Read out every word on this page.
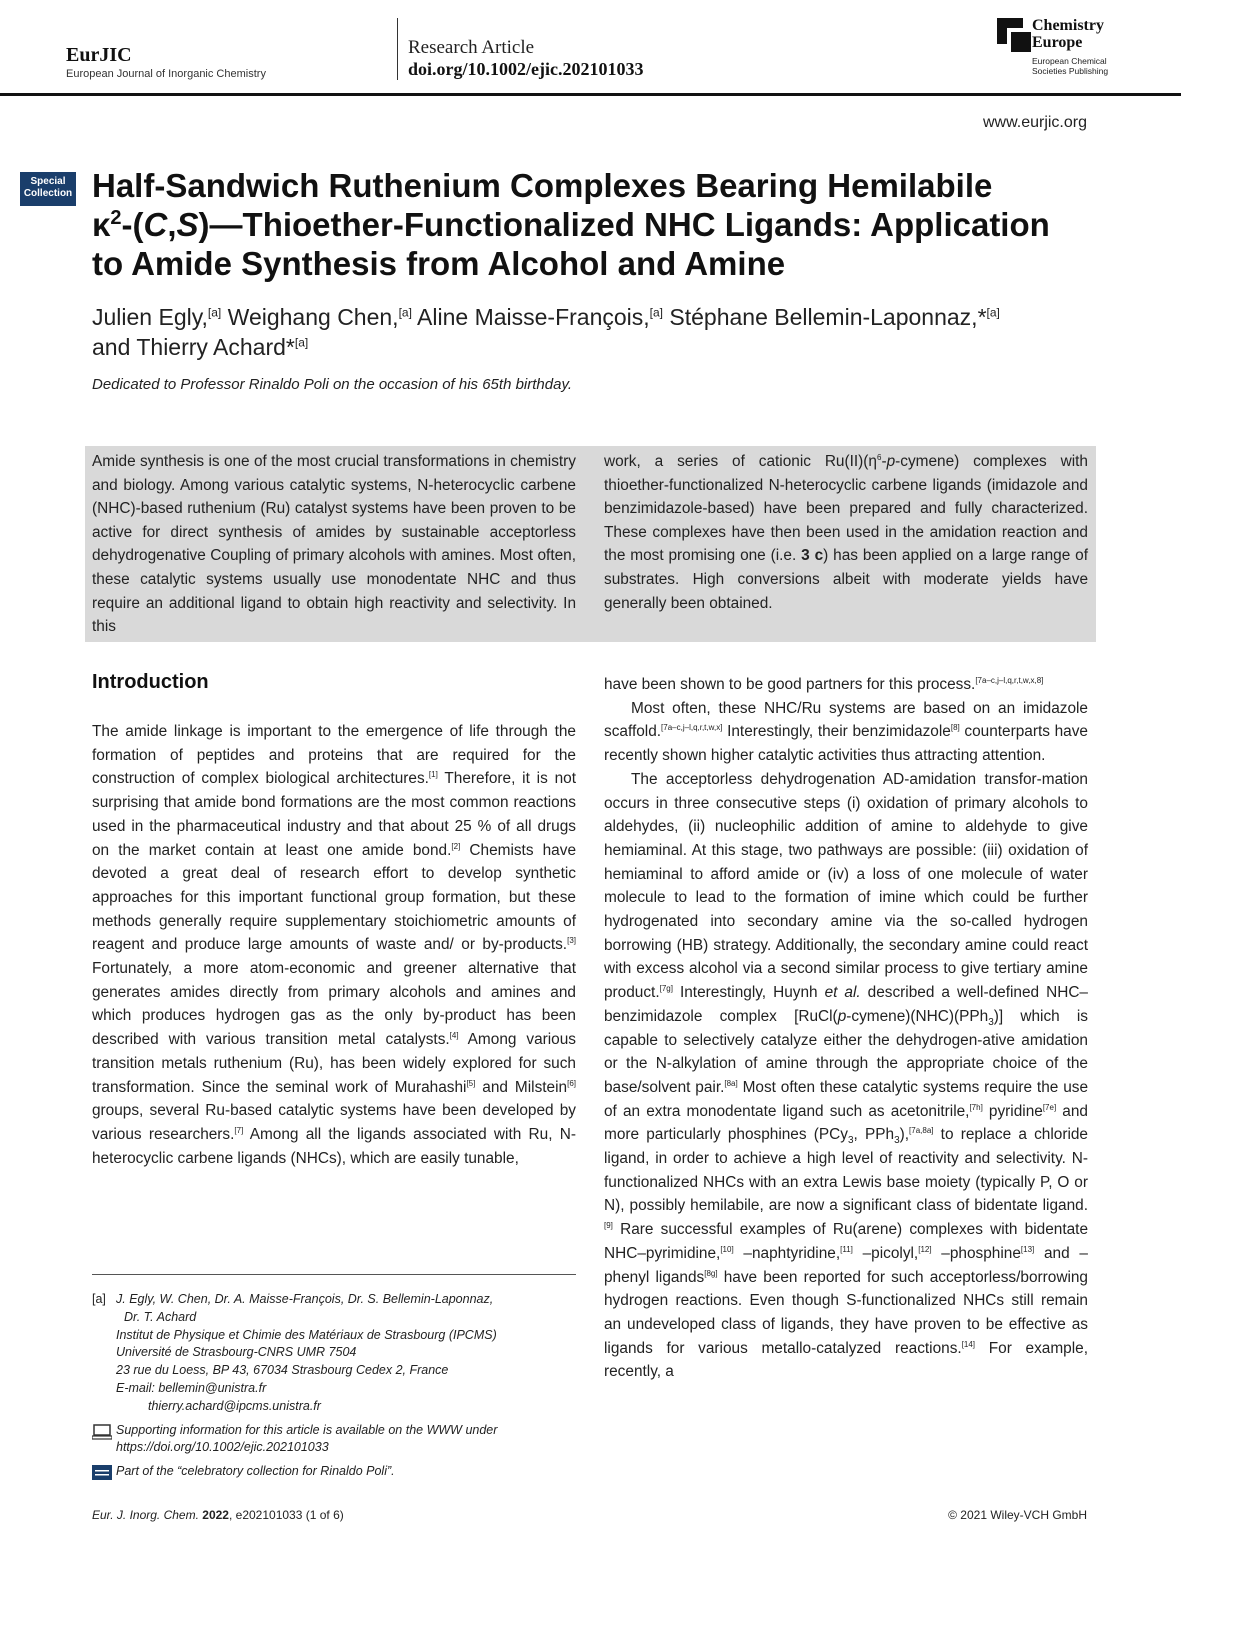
EurJIC
European Journal of Inorganic Chemistry
Research Article
doi.org/10.1002/ejic.202101033
Chemistry
Europe
European Chemical
Societies Publishing
www.eurjic.org
Special
Collection Half-Sandwich Ruthenium Complexes Bearing Hemilabile
$\kappa^2-(C,S)—Thioether$-Functionalized NHC Ligands: Application
to Amide Synthesis from Alcohol and Amine
Julien Egly,[a] Weighang Chen,[a] Aline Maisse-François,[a] Stéphane Bellemin-Laponnaz,*[a]
and Thierry Achard*[a]
Dedicated to Professor Rinaldo Poli on the occasion of his 65th birthday.
Amide synthesis is one of the most crucial transformations in chemistry and biology. Among various catalytic systems, N-heterocyclic carbene (NHC)-based ruthenium (Ru) catalyst systems have been proven to be active for direct synthesis of amides by sustainable acceptorless dehydrogenative Coupling of primary alcohols with amines. Most often, these catalytic systems usually use monodentate NHC and thus require an additional ligand to obtain high reactivity and selectivity. In this
work, a series of cationic $Ru(II)(\eta^6-p-cymene)$ complexes with thioether-functionalized N-heterocyclic carbene ligands (imidazole and benzimidazole-based) have been prepared and fully characterized. These complexes have then been used in the amidation reaction and the most promising one (i.e. 3 c) has been applied on a large range of substrates. High conversions albeit with moderate yields have generally been obtained.
Introduction

The amide linkage is important to the emergence of life through the formation of peptides and proteins that are required for the construction of complex biological architectures.[1] Therefore, it is not surprising that amide bond formations are the most common reactions used in the pharmaceutical industry and that about 25 % of all drugs on the market contain at least one amide bond.[2] Chemists have devoted a great deal of research effort to develop synthetic approaches for this important functional group formation, but these methods generally require supplementary stoichiometric amounts of reagent and produce large amounts of waste and/ or by-products.[3] Fortunately, a more atom-economic and greener alternative that generates amides directly from primary alcohols and amines and which produces hydrogen gas as the only by-product has been described with various transition metal catalysts.[4] Among various transition metals ruthenium (Ru), has been widely explored for such transformation. Since the seminal work of Murahashi[5] and Milstein[6] groups, several Ru-based catalytic systems have been developed by various researchers.[7] Among all the ligands associated with Ru, N-heterocyclic carbene ligands (NHCs), which are easily tunable,

have been shown to be good partners for this process.[7a–c,j–l,q,r,t,w,x,8]

Most often, these NHC/Ru systems are based on an imidazole scaffold.[7a–c,j–l,q,r,t,w,x] Interestingly, their benzimidazole[8] counterparts have recently shown higher catalytic activities thus attracting attention.

The acceptorless dehydrogenation AD-amidation transfor-mation occurs in three consecutive steps (i) oxidation of primary alcohols to aldehydes, (ii) nucleophilic addition of amine to aldehyde to give hemiaminal. At this stage, two pathways are possible: (iii) oxidation of hemiaminal to afford amide or (iv) a loss of one molecule of water molecule to lead to the formation of imine which could be further hydrogenated into secondary amine via the so-called hydrogen borrowing (HB) strategy. Additionally, the secondary amine could react with excess alcohol via a second similar process to give tertiary amine product.[7g] Interestingly, Huynh et al. described a well-defined NHC–benzimidazole complex [RuCl(p-cymene)(NHC)(PPh$_3$)] which is capable to selectively catalyze either the dehydrogen-ative amidation or the N-alkylation of amine through the appropriate choice of the base/solvent pair.[8a] Most often these catalytic systems require the use of an extra monodentate ligand such as acetonitrile,[7h] pyridine[7e] and more particularly phosphines (PCy$_3$, PPh$_3$),[7a,8a] to replace a chloride ligand, in order to achieve a high level of reactivity and selectivity. N-functionalized NHCs with an extra Lewis base moiety (typically P, O or N), possibly hemilabile, are now a significant class of bidentate ligand.[9] Rare successful examples of Ru(arene) complexes with bidentate NHC–pyrimidine,[10] –naphtyridine,[11] –picolyl,[12] –phosphine[13] and –phenyl ligands[8g] have been reported for such acceptorless/borrowing hydrogen reactions. Even though S-functionalized NHCs still remain an undeveloped class of ligands, they have proven to be effective as ligands for various metallo-catalyzed reactions.[14] For example, recently, a

[a] J. Egly, W. Chen, Dr. A. Maisse-François, Dr. S. Bellemin-Laponnaz,
Dr. T. Achard
Institut de Physique et Chimie des Matériaux de Strasbourg (IPCMS)
Université de Strasbourg-CNRS UMR 7504
23 rue du Loess, BP 43, 67034 Strasbourg Cedex 2, France
E-mail: bellemin@unistra.fr
thierry.achard@ipcms.unistra.fr
Supporting information for this article is available on the WWW under https://doi.org/10.1002/ejic.202101033
Part of the “celebratory collection for Rinaldo Poli”.
Eur. J. Inorg. Chem. 2022, e202101033 (1 of 6)	© 2021 Wiley-VCH GmbH
